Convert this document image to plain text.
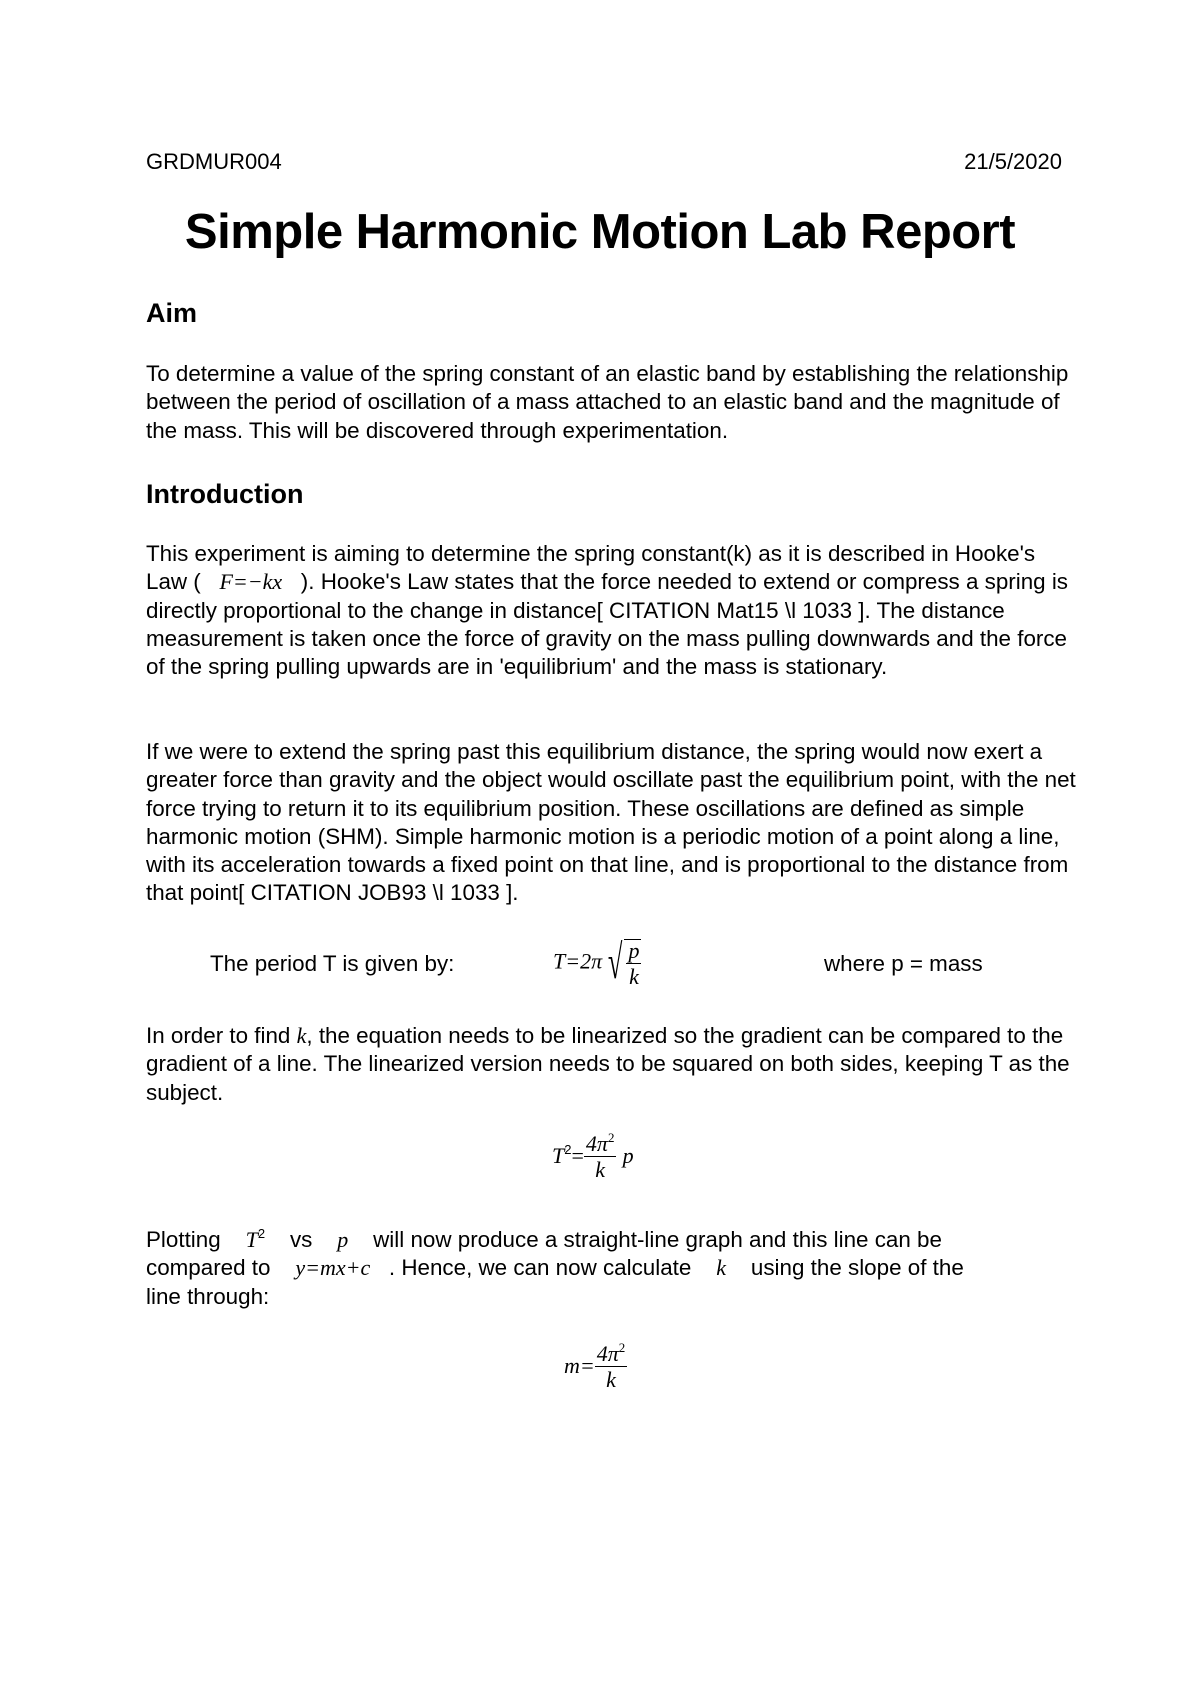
GRDMUR004	21/5/2020
Simple Harmonic Motion Lab Report
Aim

To determine a value of the spring constant of an elastic band by establishing the relationship between the period of oscillation of a mass attached to an elastic band and the magnitude of the mass. This will be discovered through experimentation.

Introduction

This experiment is aiming to determine the spring constant(k) as it is described in Hooke's Law ( F=−kx ). Hooke's Law states that the force needed to extend or compress a spring is directly proportional to the change in distance[ CITATION Mat15 \l 1033 ]. The distance measurement is taken once the force of gravity on the mass pulling downwards and the force of the spring pulling upwards are in 'equilibrium' and the mass is stationary.

If we were to extend the spring past this equilibrium distance, the spring would now exert a greater force than gravity and the object would oscillate past the equilibrium point, with the net force trying to return it to its equilibrium position. These oscillations are defined as simple harmonic motion (SHM). Simple harmonic motion is a periodic motion of a point along a line, with its acceleration towards a fixed point on that line, and is proportional to the distance from that point[ CITATION JOB93 \l 1033 ].

The period T is given by:	T=2π √ $\frac{p}{k}$	where p = mass

In order to find k, the equation needs to be linearized so the gradient can be compared to the gradient of a line. The linearized version needs to be squared on both sides, keeping T as the subject.

$T^2= \frac{4\pi^2}{k}$ p

Plotting $T^2$ vs p will now produce a straight-line graph and this line can be
compared to y=mx+c . Hence, we can now calculate k using the slope of the
line through:

$m= \frac{4\pi^2}{k}$
